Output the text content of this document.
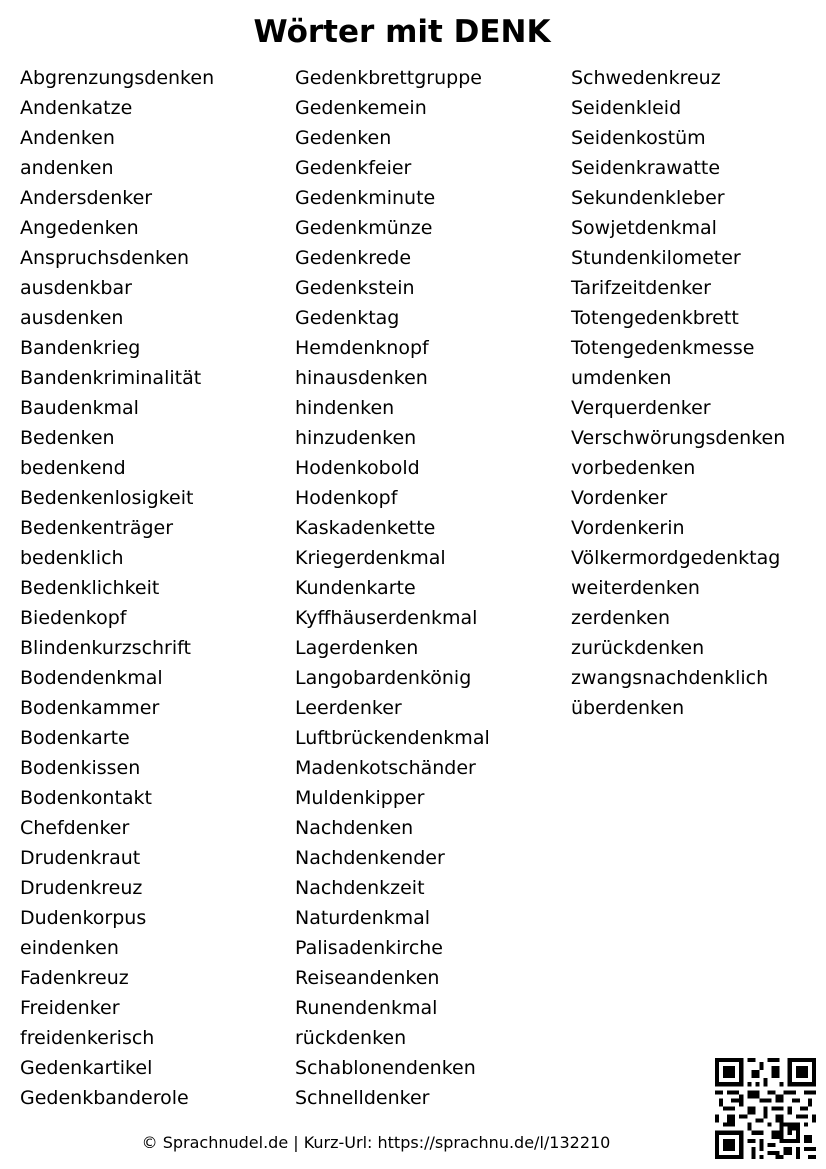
Wörter mit DENK
Abgrenzungsdenken
Andenkatze
Andenken
andenken
Andersdenker
Angedenken
Anspruchsdenken
ausdenkbar
ausdenken
Bandenkrieg
Bandenkriminalität
Baudenkmal
Bedenken
bedenkend
Bedenkenlosigkeit
Bedenkenträger
bedenklich
Bedenklichkeit
Biedenkopf
Blindenkurzschrift
Bodendenkmal
Bodenkammer
Bodenkarte
Bodenkissen
Bodenkontakt
Chefdenker
Drudenkraut
Drudenkreuz
Dudenkorpus
eindenken
Fadenkreuz
Freidenker
freidenkerisch
Gedenkartikel
Gedenkbanderole
Gedenkbrettgruppe
Gedenkemein
Gedenken
Gedenkfeier
Gedenkminute
Gedenkmünze
Gedenkrede
Gedenkstein
Gedenktag
Hemdenknopf
hinausdenken
hindenken
hinzudenken
Hodenkobold
Hodenkopf
Kaskadenkette
Kriegerdenkmal
Kundenkarte
Kyffhäuserdenkmal
Lagerdenken
Langobardenkönig
Leerdenker
Luftbrückendenkmal
Madenkotschänder
Muldenkipper
Nachdenken
Nachdenkender
Nachdenkzeit
Naturdenkmal
Palisadenkirche
Reiseandenken
Runendenkmal
rückdenken
Schablonendenken
Schnelldenker
Schwedenkreuz
Seidenkleid
Seidenkostüm
Seidenkrawatte
Sekundenkleber
Sowjetdenkmal
Stundenkilometer
Tarifzeitdenker
Totengedenkbrett
Totengedenkmesse
umdenken
Verquerdenker
Verschwörungsdenken
vorbedenken
Vordenker
Vordenkerin
Völkermordgedenktag
weiterdenken
zerdenken
zurückdenken
zwangsnachdenklich
überdenken
© Sprachnudel.de | Kurz-Url: https://sprachnu.de/l/132210
